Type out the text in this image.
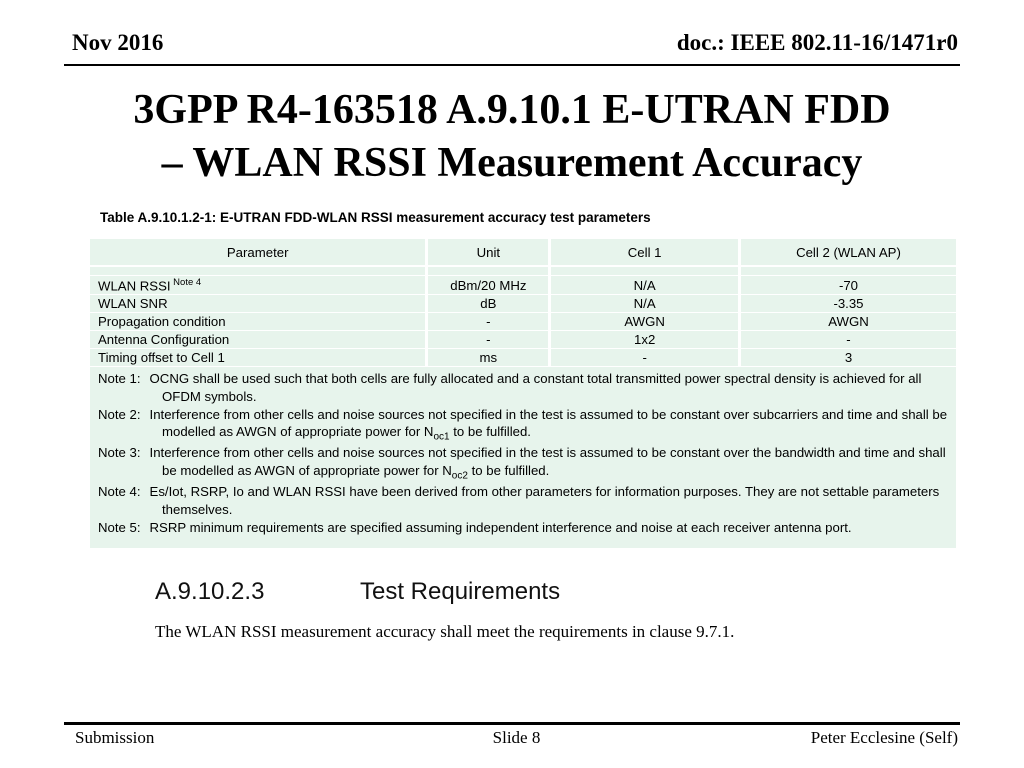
Nov 2016	doc.: IEEE 802.11-16/1471r0
3GPP R4-163518 A.9.10.1 E-UTRAN FDD
– WLAN RSSI Measurement Accuracy
Table A.9.10.1.2-1: E-UTRAN FDD-WLAN RSSI measurement accuracy test parameters
Parameter	Unit	Cell 1	Cell 2 (WLAN AP)

WLAN RSSI $^{Note 4}$	dBm/20 MHz	N/A	-70
WLAN SNR	dB	N/A	-3.35
Propagation condition	-	AWGN	AWGN
Antenna Configuration	-	1x2	-
Timing offset to Cell 1	ms	-	3
Note 1: OCNG shall be used such that both cells are fully allocated and a constant total transmitted power spectral density is achieved for all OFDM symbols.
Note 2: Interference from other cells and noise sources not specified in the test is assumed to be constant over subcarriers and time and shall be modelled as AWGN of appropriate power for $N_{oc1}$ to be fulfilled.
Note 3: Interference from other cells and noise sources not specified in the test is assumed to be constant over the bandwidth and time and shall be modelled as AWGN of appropriate power for $N_{oc2}$ to be fulfilled.
Note 4: Es/Iot, RSRP, Io and WLAN RSSI have been derived from other parameters for information purposes. They are not settable parameters themselves.
Note 5: RSRP minimum requirements are specified assuming independent interference and noise at each receiver antenna port.
A.9.10.2.3	Test Requirements
The WLAN RSSI measurement accuracy shall meet the requirements in clause 9.7.1.
Submission	Slide 8	Peter Ecclesine (Self)
